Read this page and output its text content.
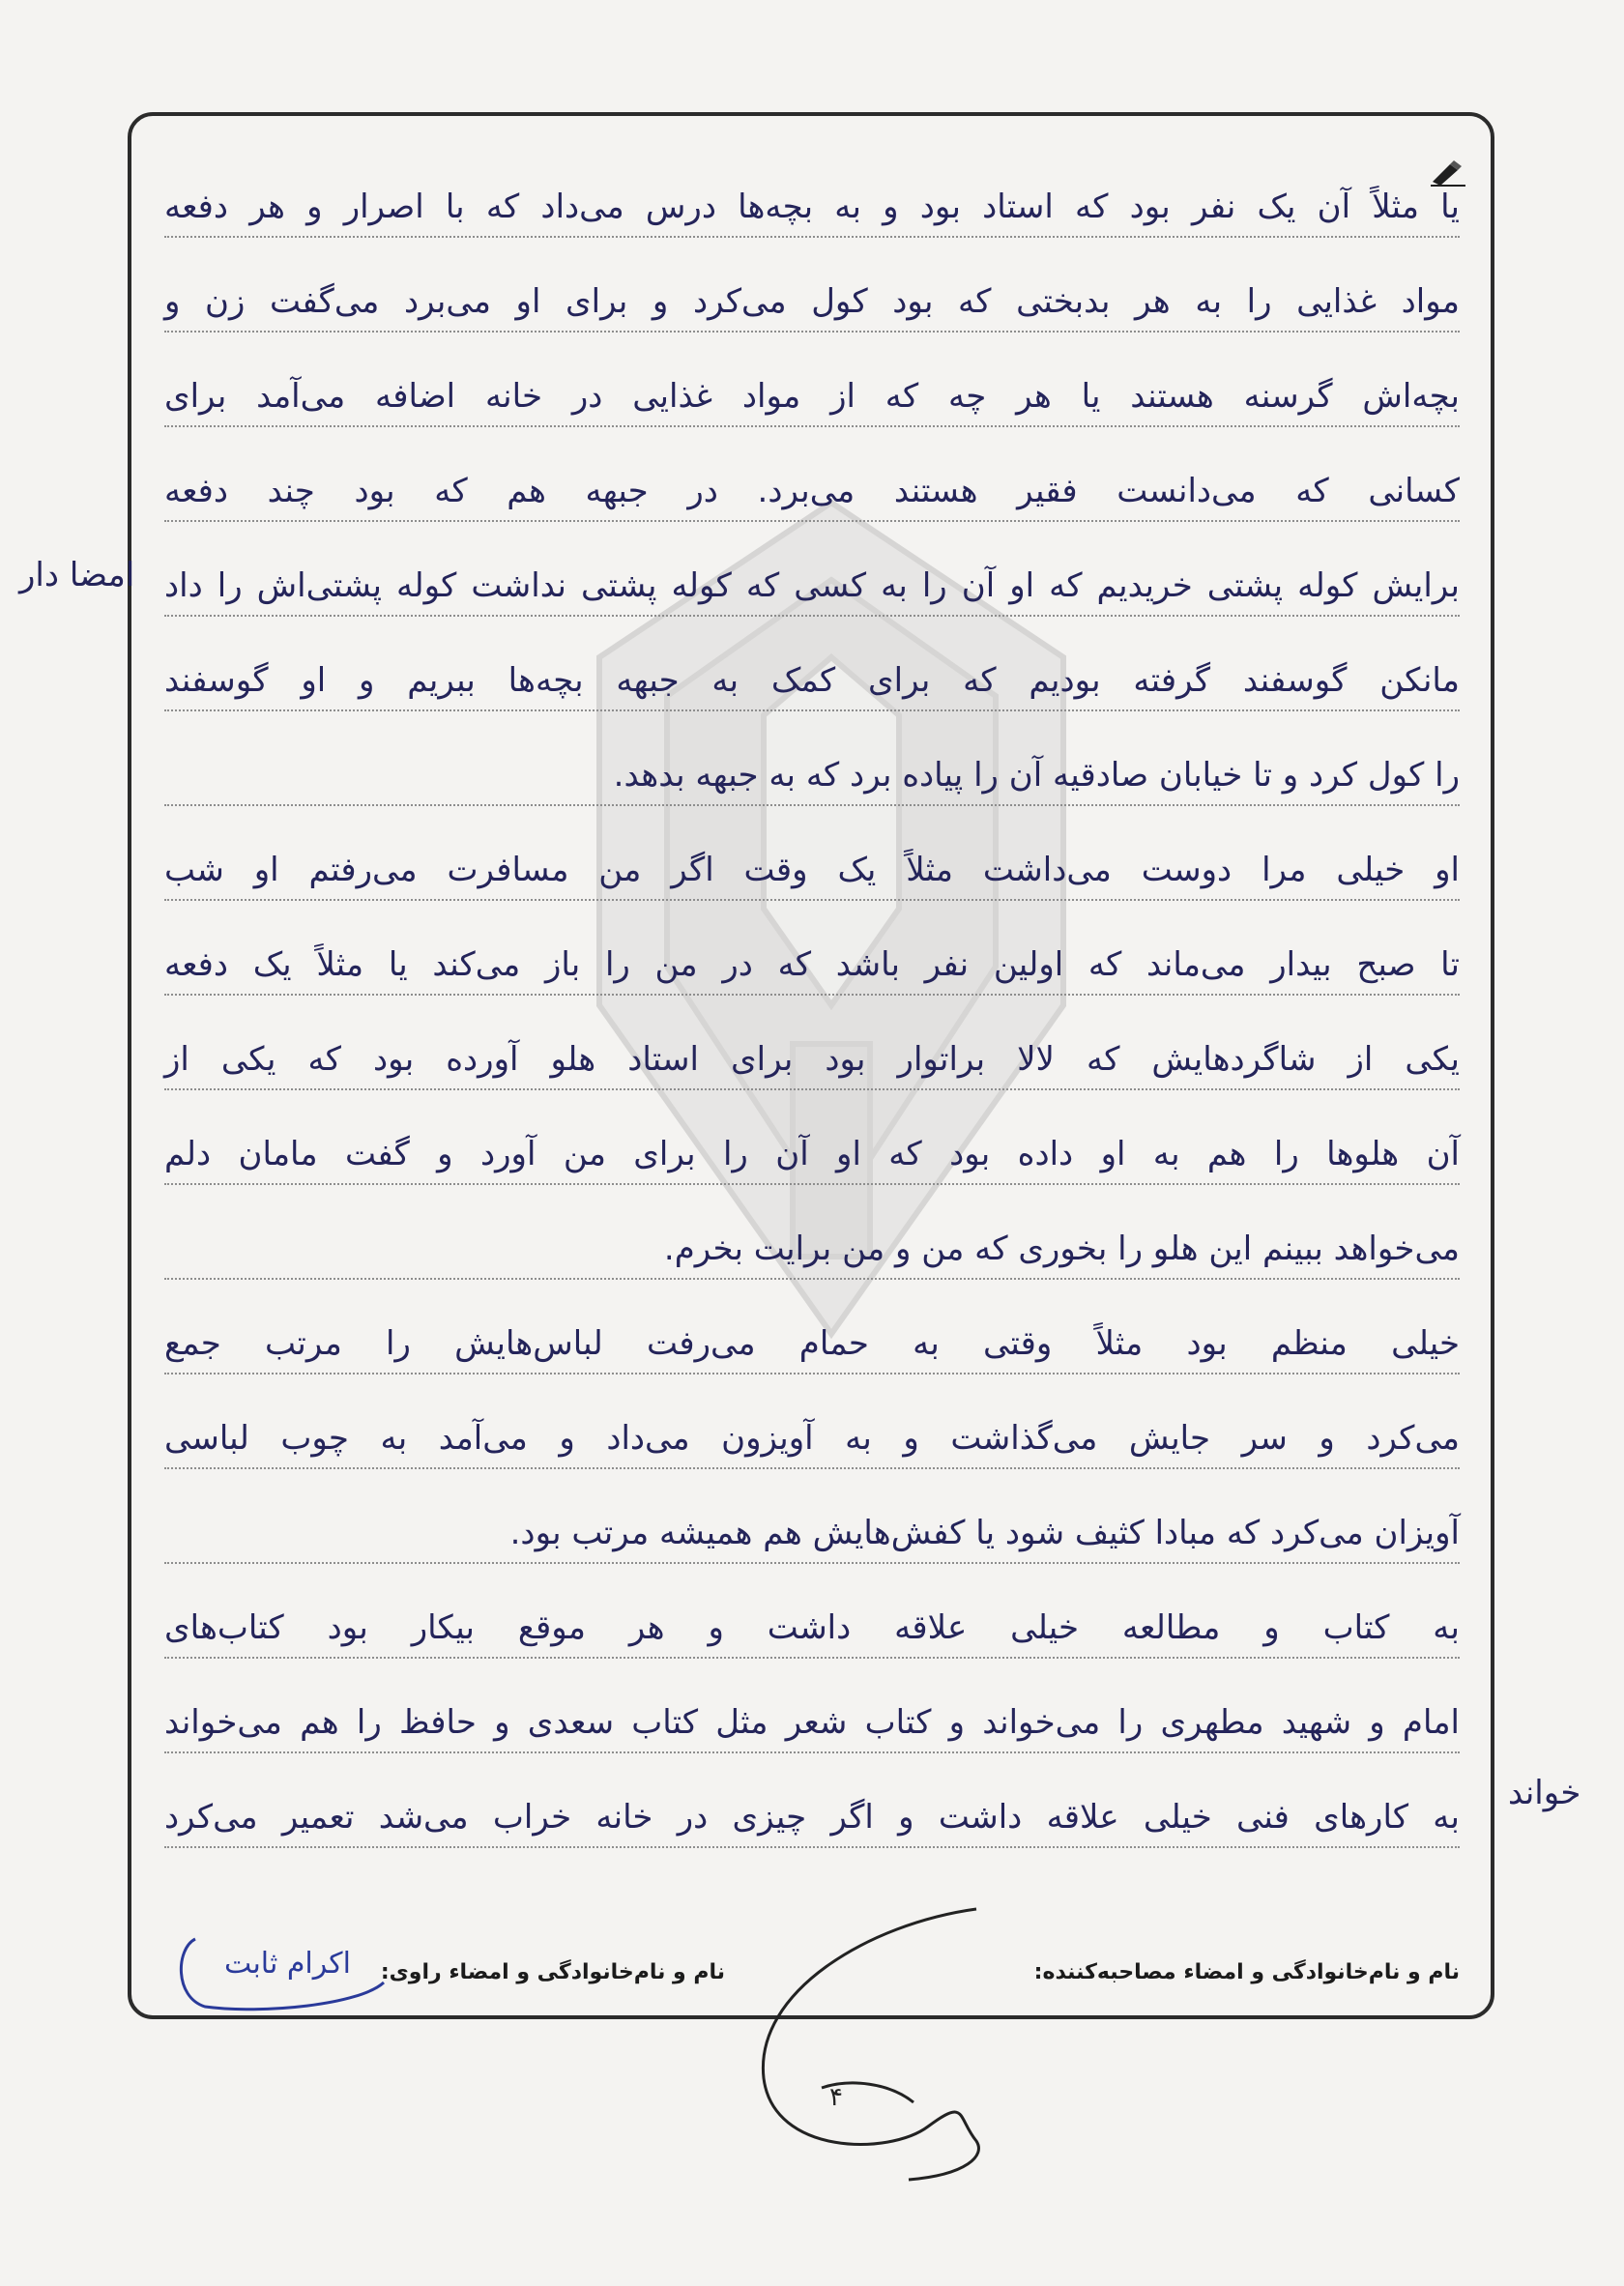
یا مثلاً آن یک نفر بود که استاد بود و به بچه‌ها درس می‌داد که با اصرار و هر دفعه
مواد غذایی را به هر بدبختی که بود کول می‌کرد و برای او می‌برد می‌گفت زن و
بچه‌اش گرسنه هستند یا هر چه که از مواد غذایی در خانه اضافه می‌آمد برای
کسانی که می‌دانست فقیر هستند می‌برد. در جبهه هم که بود چند دفعه
برایش کوله پشتی خریدیم که او آن را به کسی که کوله پشتی نداشت کوله پشتی‌اش را داد
مانکن گوسفند گرفته بودیم که برای کمک به جبهه بچه‌ها ببریم و او گوسفند
را کول کرد و تا خیابان صادقیه آن را پیاده برد که به جبهه بدهد.
او خیلی مرا دوست می‌داشت مثلاً یک وقت اگر من مسافرت می‌رفتم او شب
تا صبح بیدار می‌ماند که اولین نفر باشد که در من را باز می‌کند یا مثلاً یک دفعه
یکی از شاگردهایش که لالا براتوار بود برای استاد هلو آورده بود که یکی از
آن هلوها را هم به او داده بود که او آن را برای من آورد و گفت مامان دلم
می‌خواهد ببینم این هلو را بخوری که من و من برایت بخرم.
خیلی منظم بود مثلاً وقتی به حمام می‌رفت لباس‌هایش را مرتب جمع
می‌کرد و سر جایش می‌گذاشت و به آویزون می‌داد و می‌آمد به چوب لباسی
آویزان می‌کرد که مبادا کثیف شود یا کفش‌هایش هم همیشه مرتب بود.
به کتاب و مطالعه خیلی علاقه داشت و هر موقع بیکار بود کتاب‌های
امام و شهید مطهری را می‌خواند و کتاب شعر مثل کتاب سعدی و حافظ را هم می‌خواند
به کارهای فنی خیلی علاقه داشت و اگر چیزی در خانه خراب می‌شد تعمیر می‌کرد
امضا دار
خواند
نام و نام‌خانوادگی و امضاء مصاحبه‌کننده:
نام و نام‌خانوادگی و امضاء راوی:
اکرام ثابت
۴
